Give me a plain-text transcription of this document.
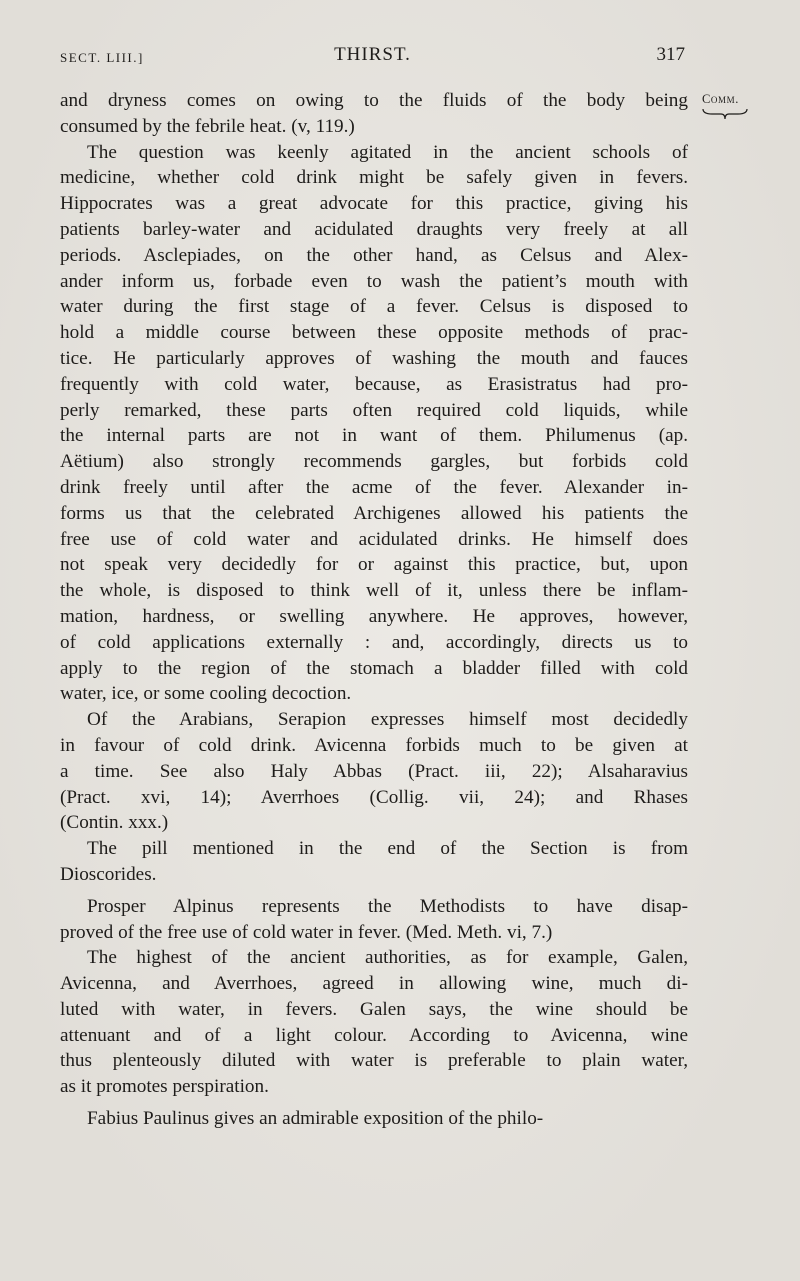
SECT. LIII.]	THIRST.	317
Comm.
and dryness comes on owing to the fluids of the body being
consumed by the febrile heat. (v, 119.)
The question was keenly agitated in the ancient schools of
medicine, whether cold drink might be safely given in fevers.
Hippocrates was a great advocate for this practice, giving his
patients barley-water and acidulated draughts very freely at all
periods. Asclepiades, on the other hand, as Celsus and Alex-
ander inform us, forbade even to wash the patient’s mouth with
water during the first stage of a fever. Celsus is disposed to
hold a middle course between these opposite methods of prac-
tice. He particularly approves of washing the mouth and fauces
frequently with cold water, because, as Erasistratus had pro-
perly remarked, these parts often required cold liquids, while
the internal parts are not in want of them. Philumenus (ap.
Aëtium) also strongly recommends gargles, but forbids cold
drink freely until after the acme of the fever. Alexander in-
forms us that the celebrated Archigenes allowed his patients the
free use of cold water and acidulated drinks. He himself does
not speak very decidedly for or against this practice, but, upon
the whole, is disposed to think well of it, unless there be inflam-
mation, hardness, or swelling anywhere. He approves, however,
of cold applications externally : and, accordingly, directs us to
apply to the region of the stomach a bladder filled with cold
water, ice, or some cooling decoction.
Of the Arabians, Serapion expresses himself most decidedly
in favour of cold drink. Avicenna forbids much to be given at
a time. See also Haly Abbas (Pract. iii, 22); Alsaharavius
(Pract. xvi, 14); Averrhoes (Collig. vii, 24); and Rhases
(Contin. xxx.)
The pill mentioned in the end of the Section is from
Dioscorides.
Prosper Alpinus represents the Methodists to have disap-
proved of the free use of cold water in fever. (Med. Meth. vi, 7.)
The highest of the ancient authorities, as for example, Galen,
Avicenna, and Averrhoes, agreed in allowing wine, much di-
luted with water, in fevers. Galen says, the wine should be
attenuant and of a light colour. According to Avicenna, wine
thus plenteously diluted with water is preferable to plain water,
as it promotes perspiration.
Fabius Paulinus gives an admirable exposition of the philo-
